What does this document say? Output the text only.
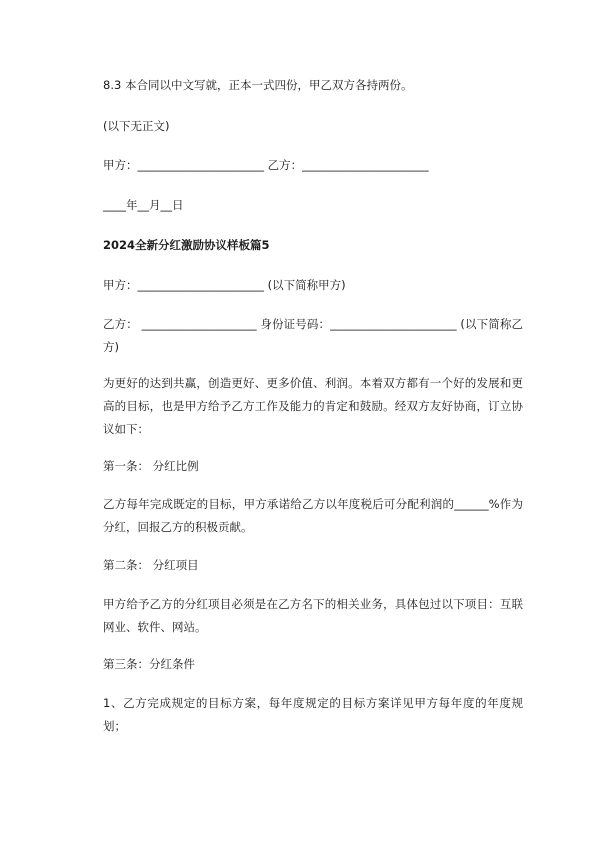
8.3 本合同以中文写就，正本一式四份，甲乙双方各持两份。
(以下无正文)
甲方：______________________ 乙方：______________________
____年__月__日
2024全新分红激励协议样板篇5
甲方：______________________ (以下简称甲方)
乙方： ____________________ 身份证号码：______________________ (以下简称乙方)
为更好的达到共赢，创造更好、更多价值、利润。本着双方都有一个好的发展和更高的目标，也是甲方给予乙方工作及能力的肯定和鼓励。经双方友好协商，订立协议如下：
第一条： 分红比例
乙方每年完成既定的目标，甲方承诺给乙方以年度税后可分配利润的______%作为分红，回报乙方的积极贡献。
第二条： 分红项目
甲方给予乙方的分红项目必须是在乙方名下的相关业务，具体包过以下项目：互联网业、软件、网站。
第三条：分红条件
1、乙方完成规定的目标方案，每年度规定的目标方案详见甲方每年度的年度规划；
